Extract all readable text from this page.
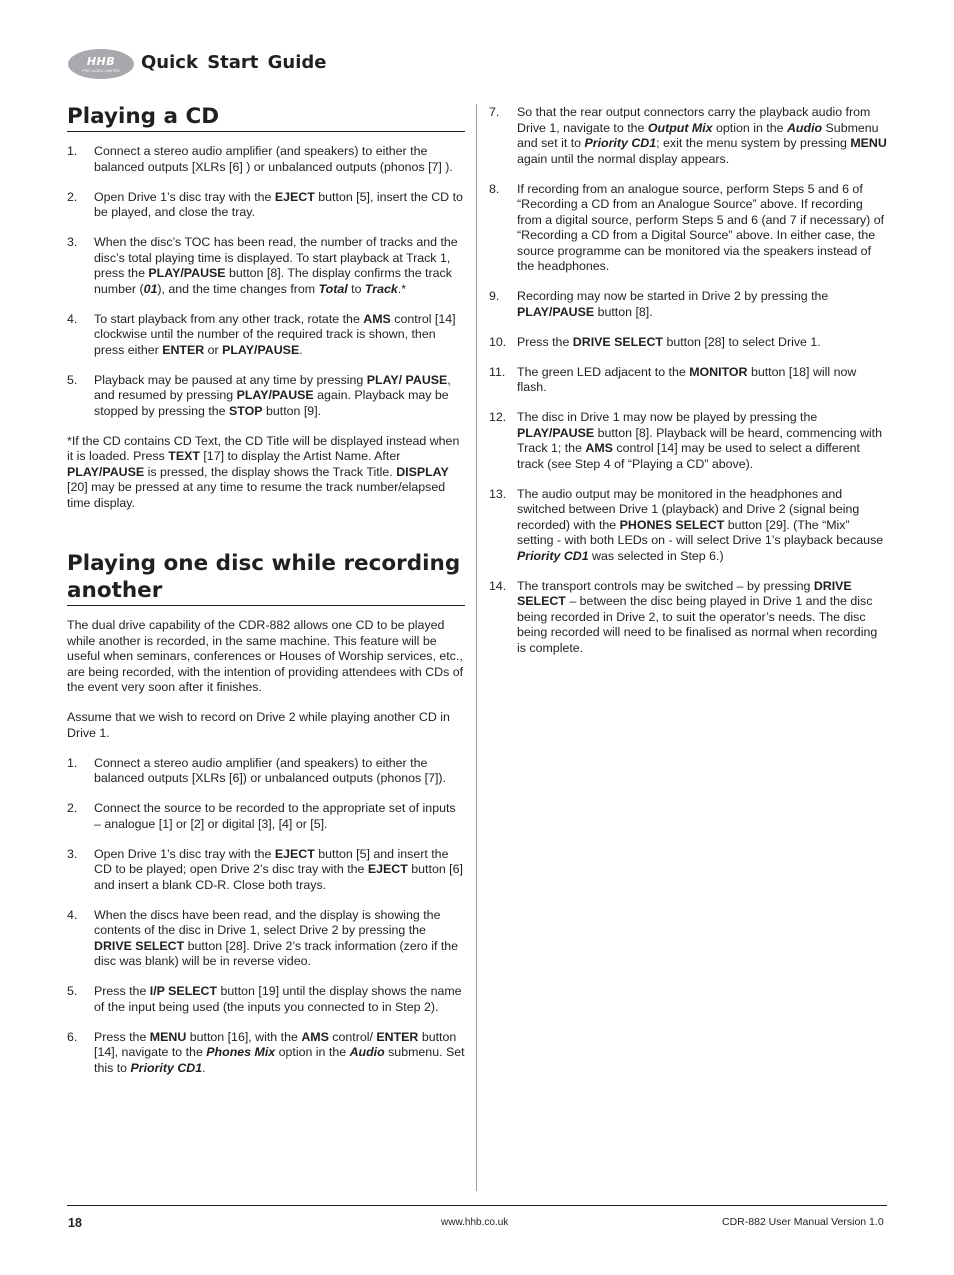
HHB
PRO AUDIO LIMITED	Quick Start Guide
Playing a CD
1. Connect a stereo audio amplifier (and speakers) to either the balanced outputs [XLRs [6] ) or unbalanced outputs (phonos [7] ).
2. Open Drive 1’s disc tray with the EJECT button [5], insert the CD to be played, and close the tray.
3. When the disc’s TOC has been read, the number of tracks and the disc’s total playing time is displayed. To start playback at Track 1, press the PLAY/PAUSE button [8]. The display confirms the track number (01), and the time changes from Total to Track.*
4. To start playback from any other track, rotate the AMS control [14] clockwise until the number of the required track is shown, then press either ENTER or PLAY/PAUSE.
5. Playback may be paused at any time by pressing PLAY/ PAUSE, and resumed by pressing PLAY/PAUSE again. Playback may be stopped by pressing the STOP button [9].

*If the CD contains CD Text, the CD Title will be displayed instead when it is loaded. Press TEXT [17] to display the Artist Name. After PLAY/PAUSE is pressed, the display shows the Track Title. DISPLAY [20] may be pressed at any time to resume the track number/elapsed time display.

Playing one disc while recording another

The dual drive capability of the CDR-882 allows one CD to be played while another is recorded, in the same machine. This feature will be useful when seminars, conferences or Houses of Worship services, etc., are being recorded, with the intention of providing attendees with CDs of the event very soon after it finishes.

Assume that we wish to record on Drive 2 while playing another CD in Drive 1.

1. Connect a stereo audio amplifier (and speakers) to either the balanced outputs [XLRs [6]) or unbalanced outputs (phonos [7]).
2. Connect the source to be recorded to the appropriate set of inputs – analogue [1] or [2] or digital [3], [4] or [5].
3. Open Drive 1’s disc tray with the EJECT button [5] and insert the CD to be played; open Drive 2’s disc tray with the EJECT button [6] and insert a blank CD-R. Close both trays.
4. When the discs have been read, and the display is showing the contents of the disc in Drive 1, select Drive 2 by pressing the DRIVE SELECT button [28]. Drive 2’s track information (zero if the disc was blank) will be in reverse video.
5. Press the I/P SELECT button [19] until the display shows the name of the input being used (the inputs you connected to in Step 2).
6. Press the MENU button [16], with the AMS control/ ENTER button [14], navigate to the Phones Mix option in the Audio submenu. Set this to Priority CD1.
7. So that the rear output connectors carry the playback audio from Drive 1, navigate to the Output Mix option in the Audio Submenu and set it to Priority CD1; exit the menu system by pressing MENU again until the normal display appears.
8. If recording from an analogue source, perform Steps 5 and 6 of “Recording a CD from an Analogue Source” above. If recording from a digital source, perform Steps 5 and 6 (and 7 if necessary) of “Recording a CD from a Digital Source” above. In either case, the source programme can be monitored via the speakers instead of the headphones.
9. Recording may now be started in Drive 2 by pressing the PLAY/PAUSE button [8].
10. Press the DRIVE SELECT button [28] to select Drive 1.
11. The green LED adjacent to the MONITOR button [18] will now flash.
12. The disc in Drive 1 may now be played by pressing the PLAY/PAUSE button [8]. Playback will be heard, commencing with Track 1; the AMS control [14] may be used to select a different track (see Step 4 of “Playing a CD” above).
13. The audio output may be monitored in the headphones and switched between Drive 1 (playback) and Drive 2 (signal being recorded) with the PHONES SELECT button [29]. (The “Mix” setting - with both LEDs on - will select Drive 1’s playback because Priority CD1 was selected in Step 6.)
14. The transport controls may be switched – by pressing DRIVE SELECT – between the disc being played in Drive 1 and the disc being recorded in Drive 2, to suit the operator’s needs. The disc being recorded will need to be finalised as normal when recording is complete.
18	www.hhb.co.uk	CDR-882 User Manual Version 1.0
